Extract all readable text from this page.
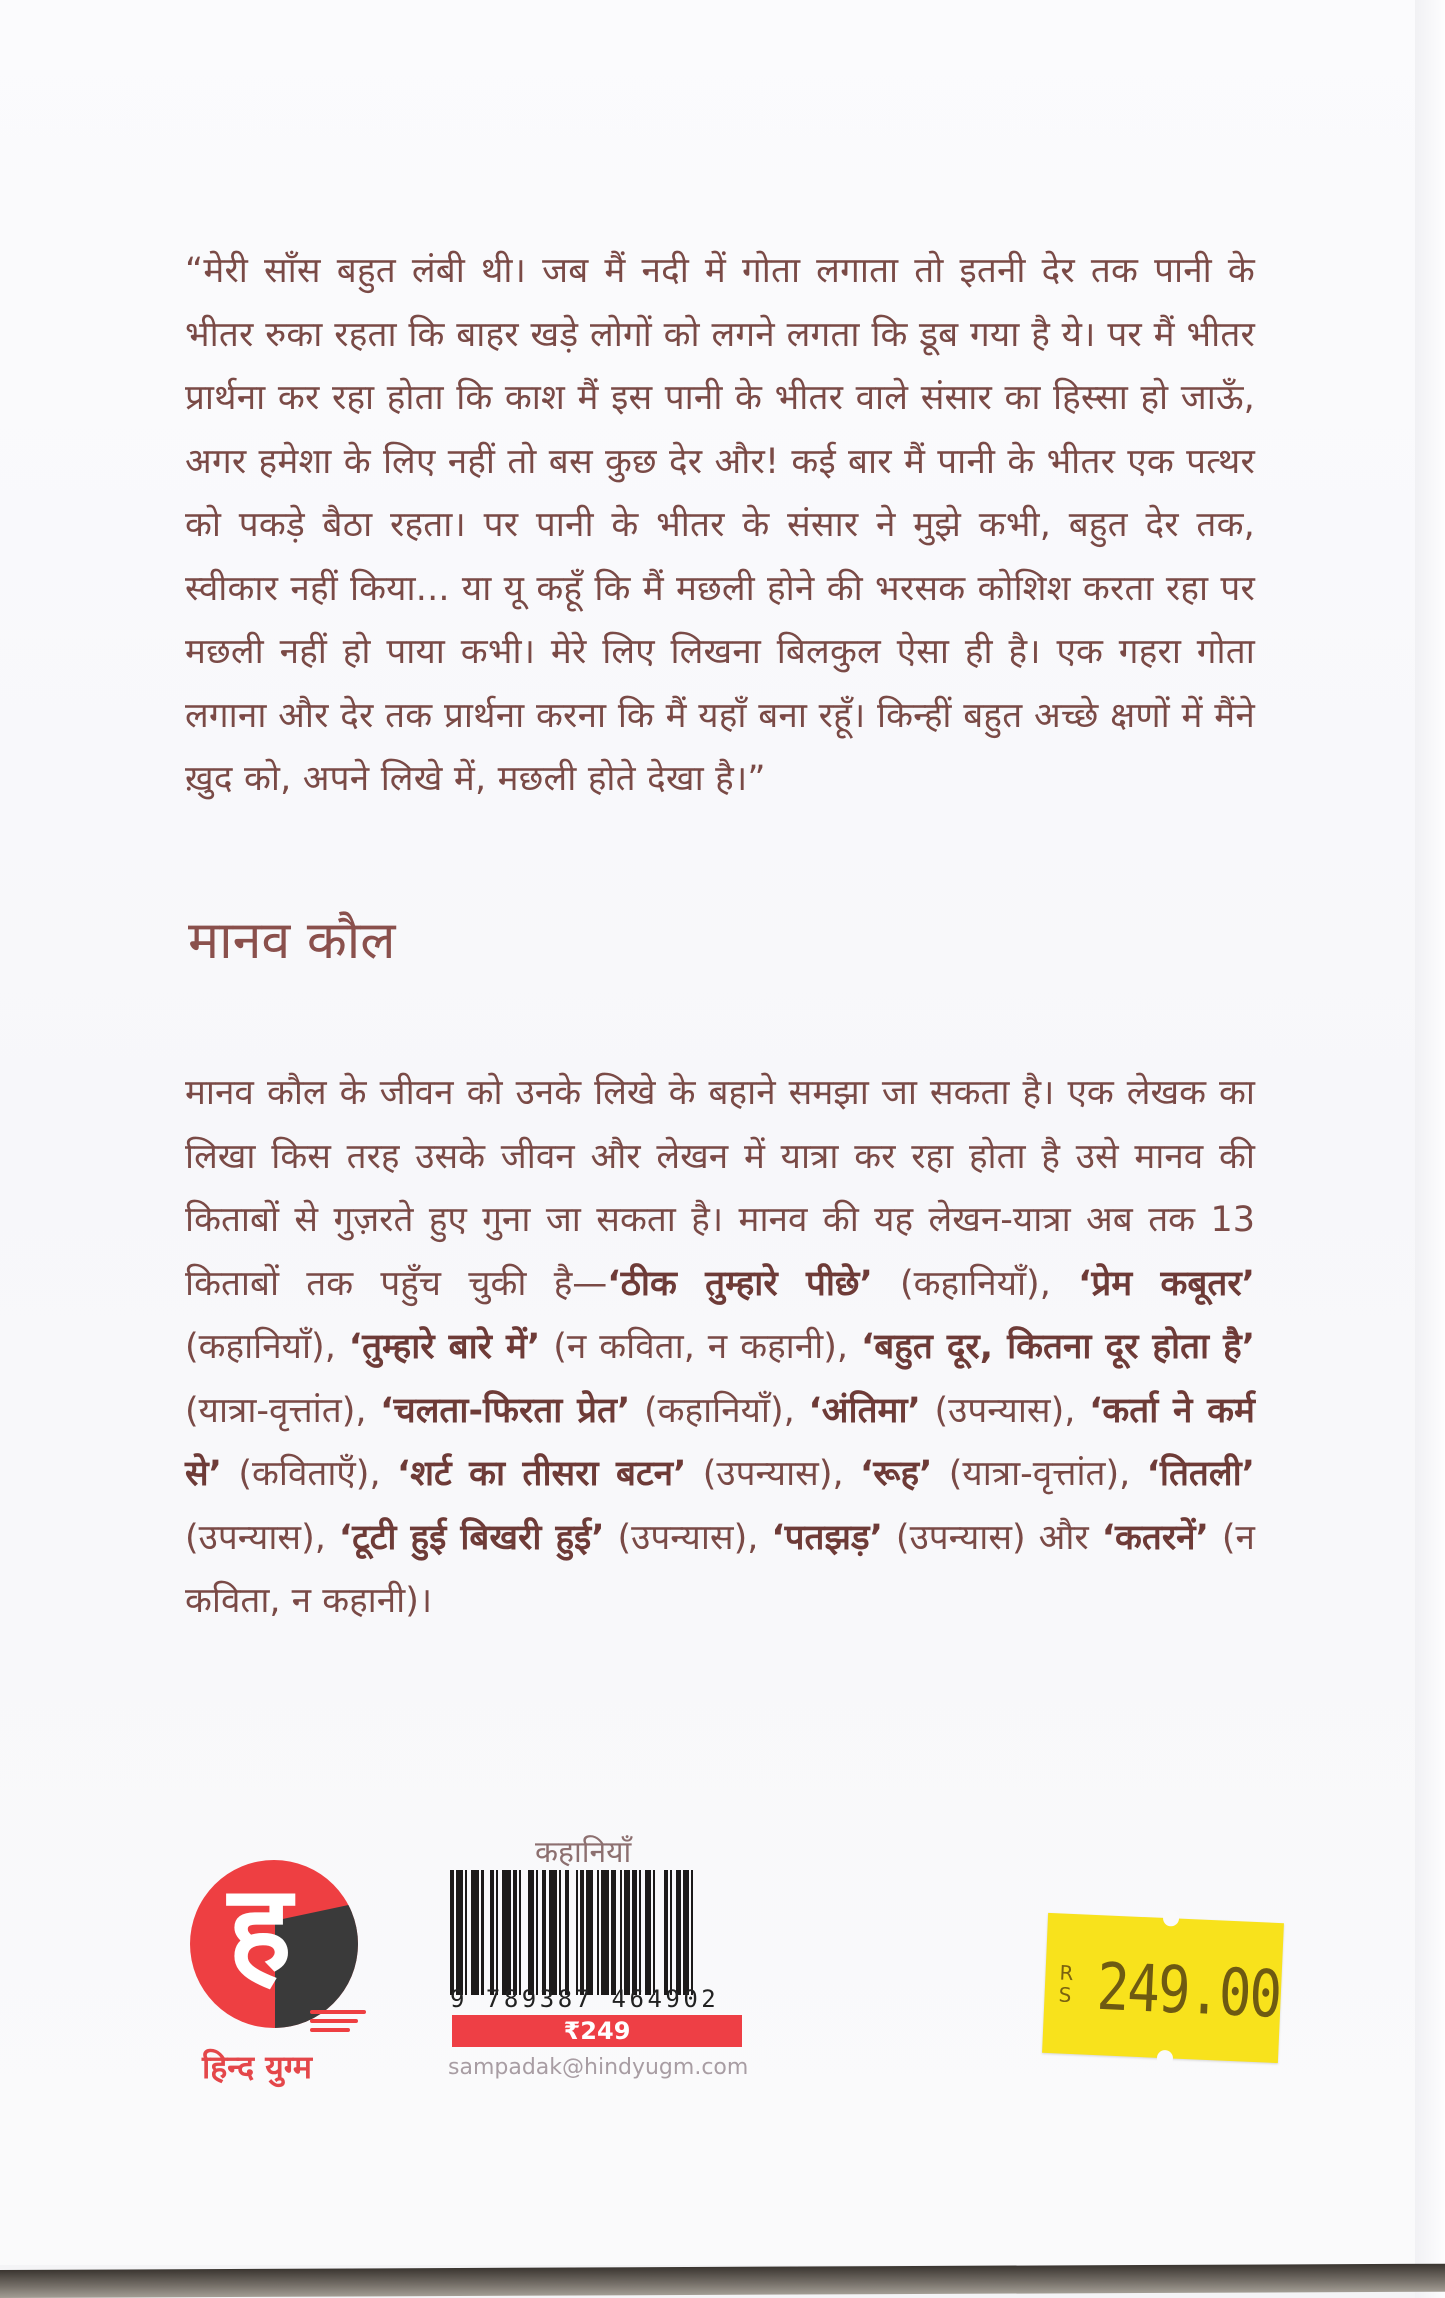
“मेरी साँस बहुत लंबी थी। जब मैं नदी में गोता लगाता तो इतनी देर तक पानी के भीतर रुका रहता कि बाहर खड़े लोगों को लगने लगता कि डूब गया है ये। पर मैं भीतर प्रार्थना कर रहा होता कि काश मैं इस पानी के भीतर वाले संसार का हिस्सा हो जाऊँ, अगर हमेशा के लिए नहीं तो बस कुछ देर और! कई बार मैं पानी के भीतर एक पत्थर को पकड़े बैठा रहता। पर पानी के भीतर के संसार ने मुझे कभी, बहुत देर तक, स्वीकार नहीं किया... या यू कहूँ कि मैं मछली होने की भरसक कोशिश करता रहा पर मछली नहीं हो पाया कभी। मेरे लिए लिखना बिलकुल ऐसा ही है। एक गहरा गोता लगाना और देर तक प्रार्थना करना कि मैं यहाँ बना रहूँ। किन्हीं बहुत अच्छे क्षणों में मैंने ख़ुद को, अपने लिखे में, मछली होते देखा है।”

मानव कौल

मानव कौल के जीवन को उनके लिखे के बहाने समझा जा सकता है। एक लेखक का लिखा किस तरह उसके जीवन और लेखन में यात्रा कर रहा होता है उसे मानव की किताबों से गुज़रते हुए गुना जा सकता है। मानव की यह लेखन-यात्रा अब तक 13 किताबों तक पहुँच चुकी है—‘ठीक तुम्हारे पीछे’ (कहानियाँ), ‘प्रेम कबूतर’ (कहानियाँ), ‘तुम्हारे बारे में’ (न कविता, न कहानी), ‘बहुत दूर, कितना दूर होता है’ (यात्रा-वृत्तांत), ‘चलता-फिरता प्रेत’ (कहानियाँ), ‘अंतिमा’ (उपन्यास), ‘कर्ता ने कर्म से’ (कविताएँ), ‘शर्ट का तीसरा बटन’ (उपन्यास), ‘रूह’ (यात्रा-वृत्तांत), ‘तितली’ (उपन्यास), ‘टूटी हुई बिखरी हुई’ (उपन्यास), ‘पतझड़’ (उपन्यास) और ‘कतरनें’ (न कविता, न कहानी)।

ह
हिन्द युग्म
कहानियाँ
9 789387 464902
₹249
sampadak@hindyugm.com
R
S 249.00
